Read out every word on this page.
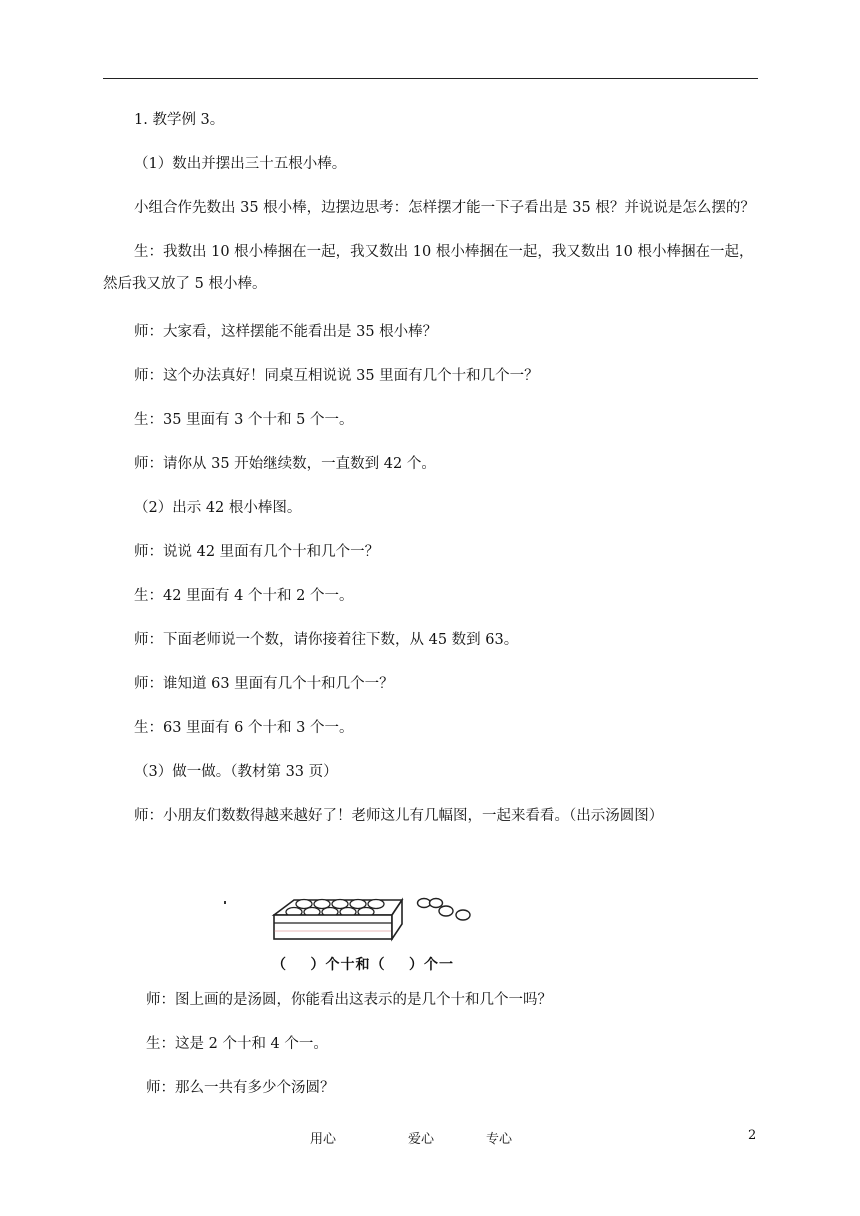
1. 教学例 3。
（1）数出并摆出三十五根小棒。
小组合作先数出 35 根小棒，边摆边思考：怎样摆才能一下子看出是 35 根？并说说是怎么摆的？
生：我数出 10 根小棒捆在一起，我又数出 10 根小棒捆在一起，我又数出 10 根小棒捆在一起，
然后我又放了 5 根小棒。
师：大家看，这样摆能不能看出是 35 根小棒？
师：这个办法真好！同桌互相说说 35 里面有几个十和几个一？
生：35 里面有 3 个十和 5 个一。
师：请你从 35 开始继续数，一直数到 42 个。
（2）出示 42 根小棒图。
师：说说 42 里面有几个十和几个一？
生：42 里面有 4 个十和 2 个一。
师：下面老师说一个数，请你接着往下数，从 45 数到 63。
师：谁知道 63 里面有几个十和几个一？
生：63 里面有 6 个十和 3 个一。
（3）做一做。（教材第 33 页）
师：小朋友们数数得越来越好了！老师这儿有几幅图，一起来看看。（出示汤圆图）
（    ）个十和（    ）个一
师：图上画的是汤圆，你能看出这表示的是几个十和几个一吗？
生：这是 2 个十和 4 个一。
师：那么一共有多少个汤圆？
用心	爱心	专心	2
